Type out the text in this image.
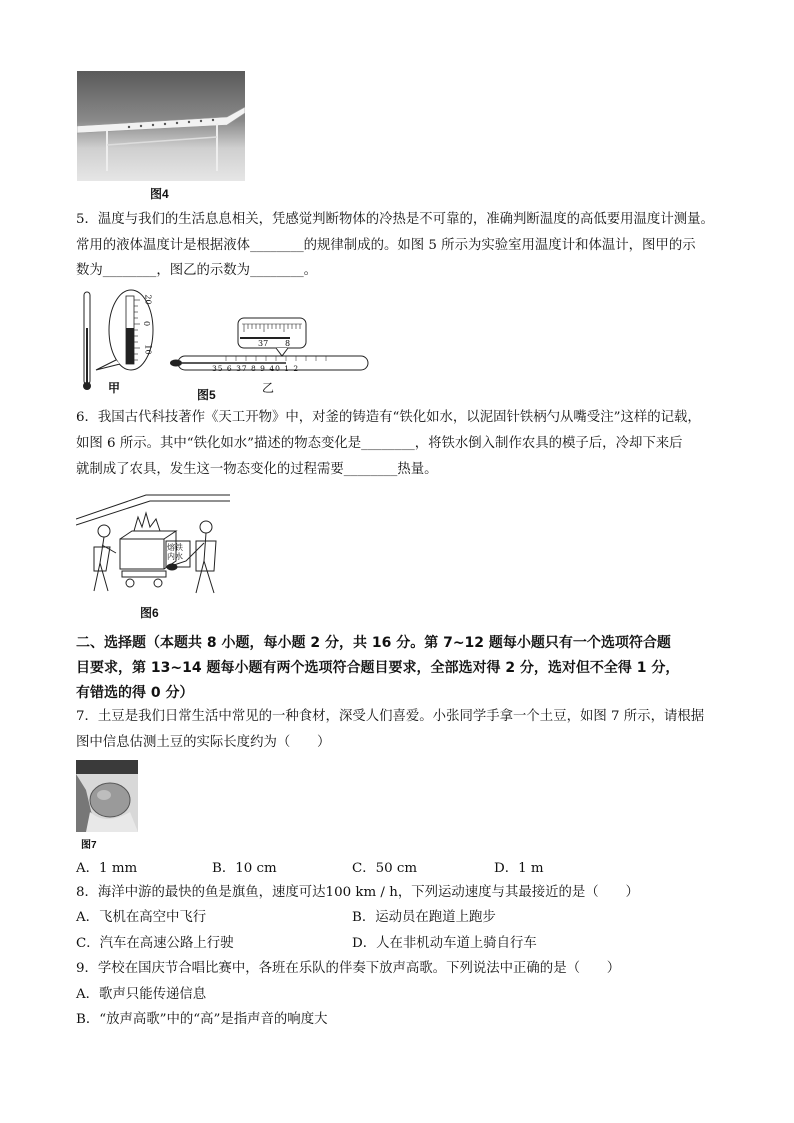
图4
5．温度与我们的生活息息相关，凭感觉判断物体的冷热是不可靠的，准确判断温度的高低要用温度计测量。
常用的液体温度计是根据液体________的规律制成的。如图 5 所示为实验室用温度计和体温计，图甲的示
数为________，图乙的示数为________。
20
0
10
37 8
35 6 37 8 9 40 1 2
甲	图5	乙
6．我国古代科技著作《天工开物》中，对釜的铸造有“铁化如水，以泥固针铁柄勺从嘴受注”这样的记载，
如图 6 所示。其中“铁化如水”描述的物态变化是________，将铁水倒入制作农具的模子后，冷却下来后
就制成了农具，发生这一物态变化的过程需要________热量。
熔铁内水
图6
二、选择题（本题共 8 小题，每小题 2 分，共 16 分。第 7~12 题每小题只有一个选项符合题
目要求，第 13~14 题每小题有两个选项符合题目要求，全部选对得 2 分，选对但不全得 1 分，
有错选的得 0 分）
7．土豆是我们日常生活中常见的一种食材，深受人们喜爱。小张同学手拿一个土豆，如图 7 所示，请根据
图中信息估测土豆的实际长度约为（　　）
图7
A．1 mm	B．10 cm	C．50 cm	D．1 m
8．海洋中游的最快的鱼是旗鱼，速度可达100 km / h，下列运动速度与其最接近的是（　　）
A．飞机在高空中飞行	B．运动员在跑道上跑步
C．汽车在高速公路上行驶	D．人在非机动车道上骑自行车
9．学校在国庆节合唱比赛中，各班在乐队的伴奏下放声高歌。下列说法中正确的是（　　）
A．歌声只能传递信息
B．“放声高歌”中的“高”是指声音的响度大
